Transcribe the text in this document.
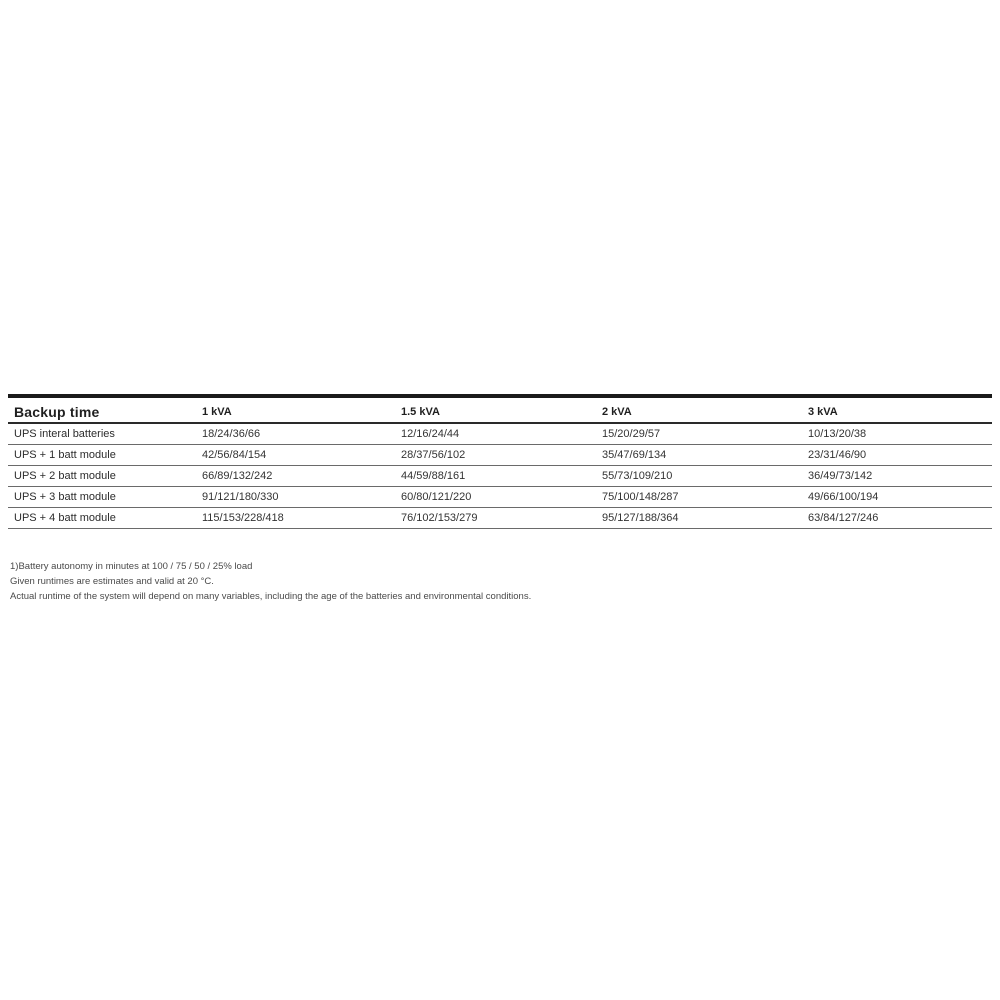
Backup time	1 kVA	1.5 kVA	2 kVA	3 kVA
UPS interal batteries	18/24/36/66	12/16/24/44	15/20/29/57	10/13/20/38
UPS + 1 batt module	42/56/84/154	28/37/56/102	35/47/69/134	23/31/46/90
UPS + 2 batt module	66/89/132/242	44/59/88/161	55/73/109/210	36/49/73/142
UPS + 3 batt module	91/121/180/330	60/80/121/220	75/100/148/287	49/66/100/194
UPS + 4 batt module	115/153/228/418	76/102/153/279	95/127/188/364	63/84/127/246
1)Battery autonomy in minutes at 100 / 75 / 50 / 25% load
Given runtimes are estimates and valid at 20 °C.
Actual runtime of the system will depend on many variables, including the age of the batteries and environmental conditions.
